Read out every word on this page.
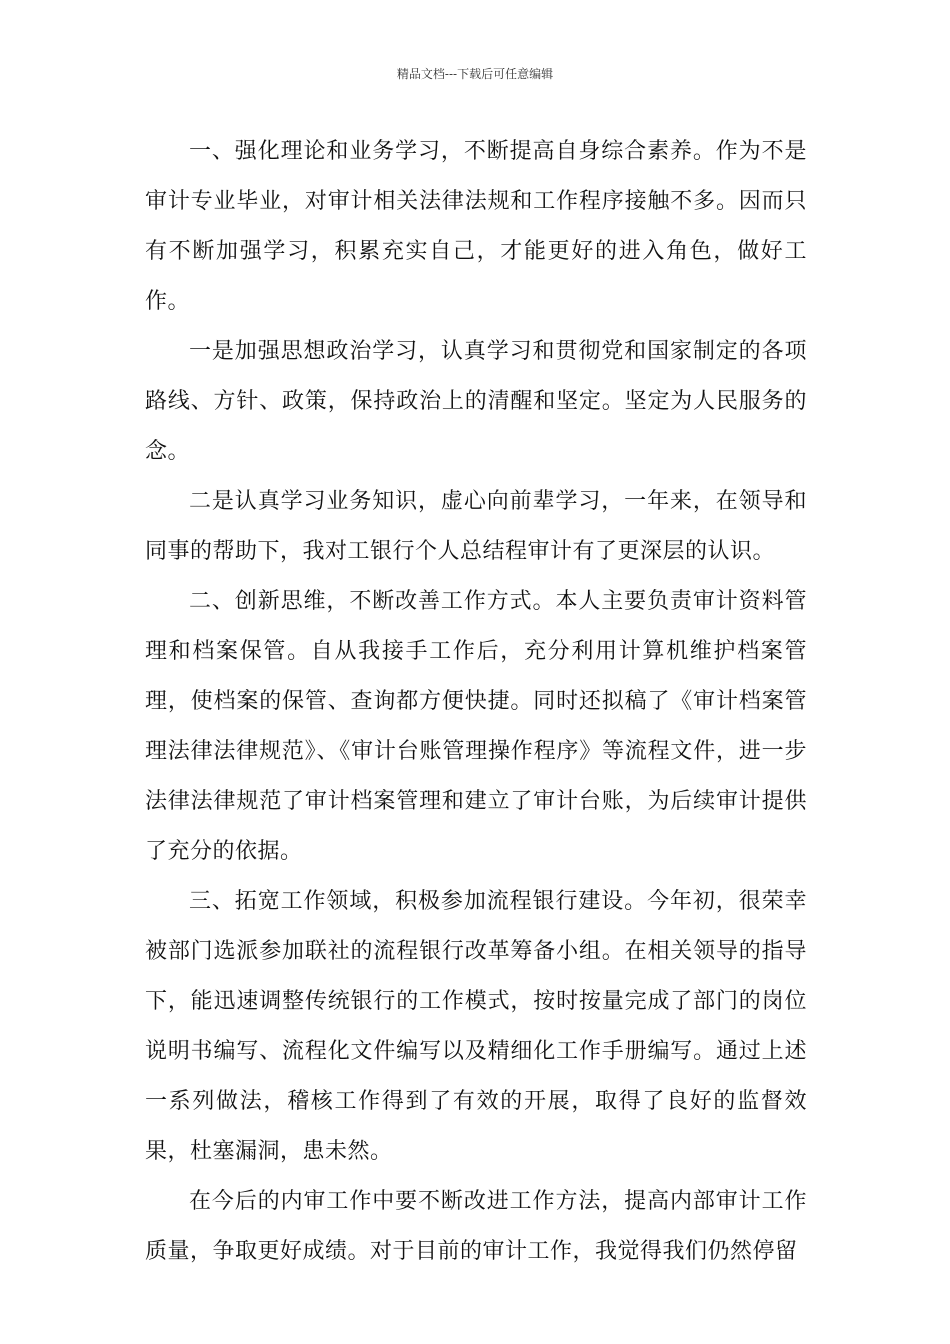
精品文档---下载后可任意编辑

一、强化理论和业务学习，不断提高自身综合素养。作为不是审计专业毕业，对审计相关法律法规和工作程序接触不多。因而只有不断加强学习，积累充实自己，才能更好的进入角色，做好工作。

一是加强思想政治学习，认真学习和贯彻党和国家制定的各项路线、方针、政策，保持政治上的清醒和坚定。坚定为人民服务的念。

二是认真学习业务知识，虚心向前辈学习，一年来，在领导和同事的帮助下，我对工银行个人总结程审计有了更深层的认识。

二、创新思维，不断改善工作方式。本人主要负责审计资料管理和档案保管。自从我接手工作后，充分利用计算机维护档案管理，使档案的保管、查询都方便快捷。同时还拟稿了《审计档案管理法律法律规范》、《审计台账管理操作程序》等流程文件，进一步法律法律规范了审计档案管理和建立了审计台账，为后续审计提供了充分的依据。

三、拓宽工作领域，积极参加流程银行建设。今年初，很荣幸被部门选派参加联社的流程银行改革筹备小组。在相关领导的指导下，能迅速调整传统银行的工作模式，按时按量完成了部门的岗位说明书编写、流程化文件编写以及精细化工作手册编写。通过上述一系列做法，稽核工作得到了有效的开展，取得了良好的监督效果，杜塞漏洞，患未然。

在今后的内审工作中要不断改进工作方法，提高内部审计工作质量，争取更好成绩。对于目前的审计工作，我觉得我们仍然停留
